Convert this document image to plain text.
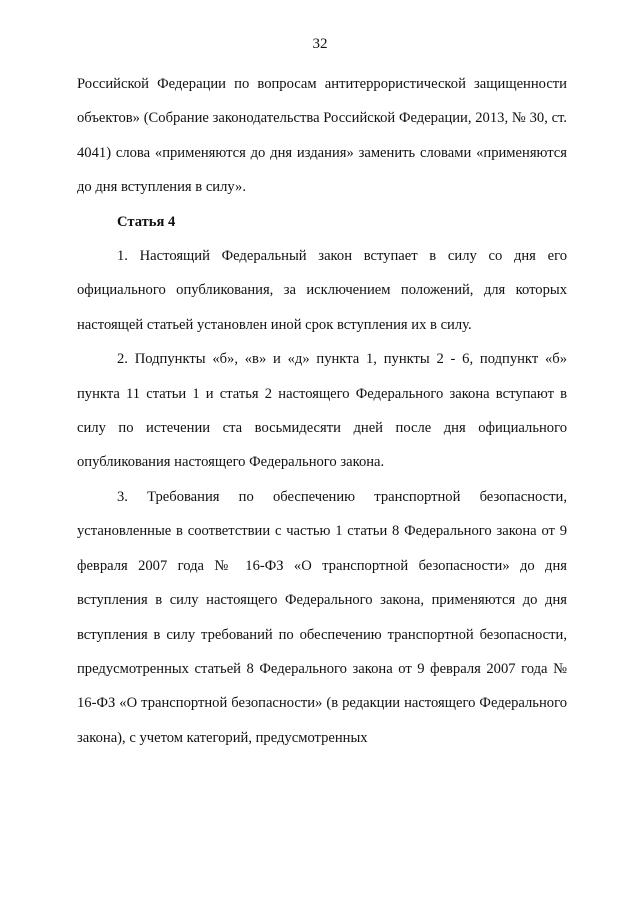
32

Российской Федерации по вопросам антитеррористической защищенности объектов» (Собрание законодательства Российской Федерации, 2013, № 30, ст. 4041) слова «применяются до дня издания» заменить словами «применяются до дня вступления в силу».

Статья 4

1. Настоящий Федеральный закон вступает в силу со дня его официального опубликования, за исключением положений, для которых настоящей статьей установлен иной срок вступления их в силу.

2. Подпункты «б», «в» и «д» пункта 1, пункты 2 - 6, подпункт «б» пункта 11 статьи 1 и статья 2 настоящего Федерального закона вступают в силу по истечении ста восьмидесяти дней после дня официального опубликования настоящего Федерального закона.

3. Требования по обеспечению транспортной безопасности, установленные в соответствии с частью 1 статьи 8 Федерального закона от 9 февраля 2007 года № 16-ФЗ «О транспортной безопасности» до дня вступления в силу настоящего Федерального закона, применяются до дня вступления в силу требований по обеспечению транспортной безопасности, предусмотренных статьей 8 Федерального закона от 9 февраля 2007 года № 16-ФЗ «О транспортной безопасности» (в редакции настоящего Федерального закона), с учетом категорий, предусмотренных
